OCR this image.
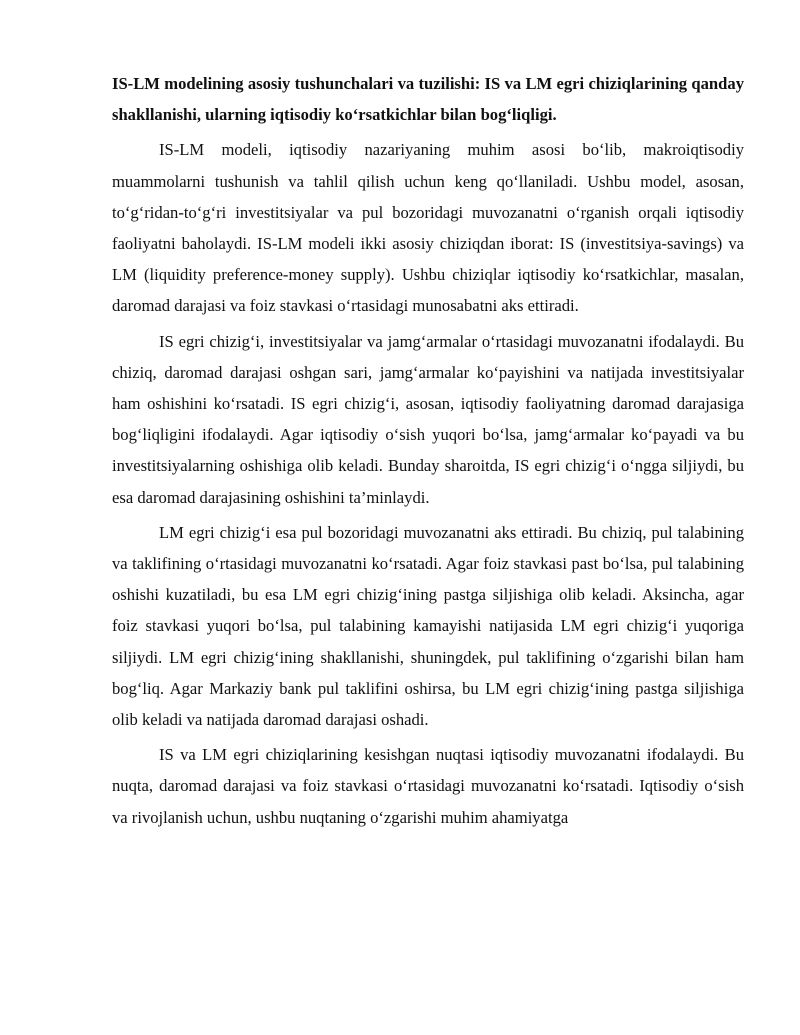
IS-LM modelining asosiy tushunchalari va tuzilishi: IS va LM egri chiziqlarining qanday shakllanishi, ularning iqtisodiy ko‘rsatkichlar bilan bog‘liqligi.

IS-LM modeli, iqtisodiy nazariyaning muhim asosi bo‘lib, makroiqtisodiy muammolarni tushunish va tahlil qilish uchun keng qo‘llaniladi. Ushbu model, asosan, to‘g‘ridan-to‘g‘ri investitsiyalar va pul bozoridagi muvozanatni o‘rganish orqali iqtisodiy faoliyatni baholaydi. IS-LM modeli ikki asosiy chiziqdan iborat: IS (investitsiya-savings) va LM (liquidity preference-money supply). Ushbu chiziqlar iqtisodiy ko‘rsatkichlar, masalan, daromad darajasi va foiz stavkasi o‘rtasidagi munosabatni aks ettiradi.

IS egri chizig‘i, investitsiyalar va jamg‘armalar o‘rtasidagi muvozanatni ifodalaydi. Bu chiziq, daromad darajasi oshgan sari, jamg‘armalar ko‘payishini va natijada investitsiyalar ham oshishini ko‘rsatadi. IS egri chizig‘i, asosan, iqtisodiy faoliyatning daromad darajasiga bog‘liqligini ifodalaydi. Agar iqtisodiy o‘sish yuqori bo‘lsa, jamg‘armalar ko‘payadi va bu investitsiyalarning oshishiga olib keladi. Bunday sharoitda, IS egri chizig‘i o‘ngga siljiydi, bu esa daromad darajasining oshishini ta’minlaydi.

LM egri chizig‘i esa pul bozoridagi muvozanatni aks ettiradi. Bu chiziq, pul talabining va taklifining o‘rtasidagi muvozanatni ko‘rsatadi. Agar foiz stavkasi past bo‘lsa, pul talabining oshishi kuzatiladi, bu esa LM egri chizig‘ining pastga siljishiga olib keladi. Aksincha, agar foiz stavkasi yuqori bo‘lsa, pul talabining kamayishi natijasida LM egri chizig‘i yuqoriga siljiydi. LM egri chizig‘ining shakllanishi, shuningdek, pul taklifining o‘zgarishi bilan ham bog‘liq. Agar Markaziy bank pul taklifini oshirsa, bu LM egri chizig‘ining pastga siljishiga olib keladi va natijada daromad darajasi oshadi.

IS va LM egri chiziqlarining kesishgan nuqtasi iqtisodiy muvozanatni ifodalaydi. Bu nuqta, daromad darajasi va foiz stavkasi o‘rtasidagi muvozanatni ko‘rsatadi. Iqtisodiy o‘sish va rivojlanish uchun, ushbu nuqtaning o‘zgarishi muhim ahamiyatga
